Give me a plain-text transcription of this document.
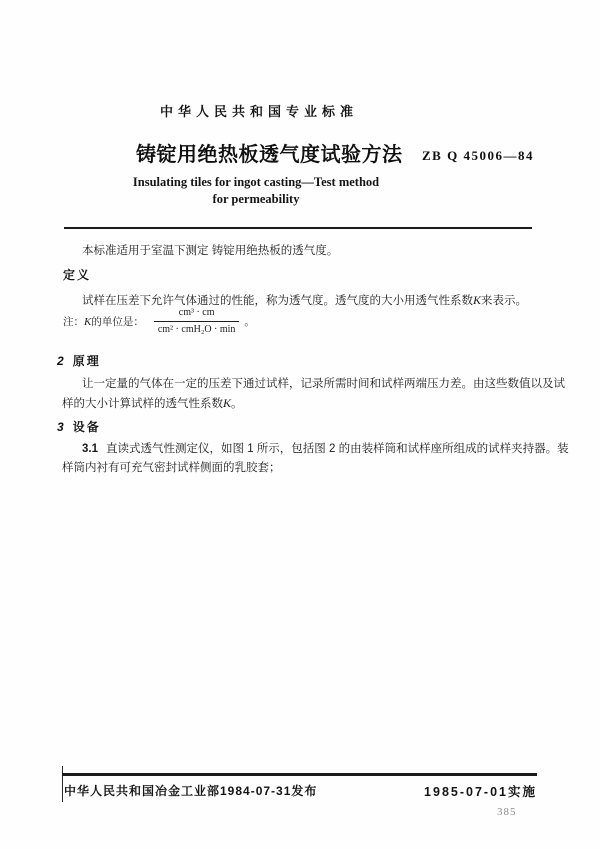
中华人民共和国专业标准
铸锭用绝热板透气度试验方法 ZB Q 45006—84
Insulating tiles for ingot casting—Test method
for permeability
本标准适用于室温下测定 铸锭用绝热板的透气度。
定义
试样在压差下允许气体通过的性能，称为透气度。透气度的大小用透气性系数K来表示。
注： K 的单位是： $\frac{\text{cm³ · cm}}{\text{cm² · cmH₂O · min}}$ 。
2 原理
让一定量的气体在一定的压差下通过试样，记录所需时间和试样两端压力差。由这些数值以及试
样的大小计算试样的透气性系数K。
3 设备
3.1 直读式透气性测定仪，如图 1 所示，包括图 2 的由装样筒和试样座所组成的试样夹持器。装
样筒内衬有可充气密封试样侧面的乳胶套；
中华人民共和国冶金工业部1984-07-31发布	1985-07-01实施
385
